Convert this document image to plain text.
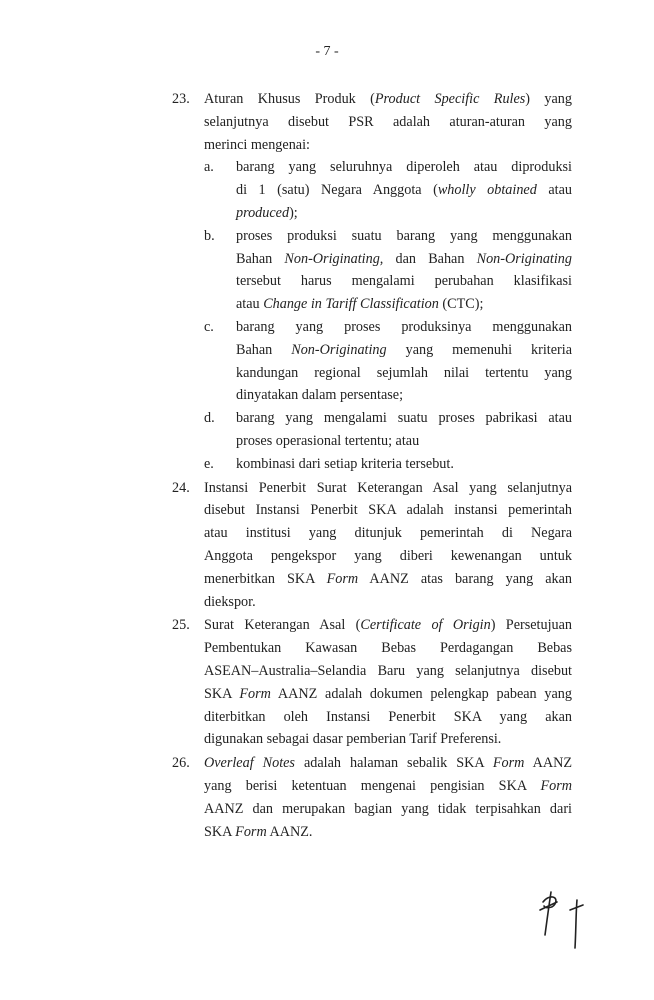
- 7 -
23. Aturan Khusus Produk (Product Specific Rules) yang
selanjutnya disebut PSR adalah aturan-aturan yang
merinci mengenai:
a. barang yang seluruhnya diperoleh atau diproduksi
di 1 (satu) Negara Anggota (wholly obtained atau
produced);
b. proses produksi suatu barang yang menggunakan
Bahan Non-Originating, dan Bahan Non-Originating
tersebut harus mengalami perubahan klasifikasi
atau Change in Tariff Classification (CTC);
c. barang yang proses produksinya menggunakan
Bahan Non-Originating yang memenuhi kriteria
kandungan regional sejumlah nilai tertentu yang
dinyatakan dalam persentase;
d. barang yang mengalami suatu proses pabrikasi atau
proses operasional tertentu; atau
e. kombinasi dari setiap kriteria tersebut.
24. Instansi Penerbit Surat Keterangan Asal yang selanjutnya
disebut Instansi Penerbit SKA adalah instansi pemerintah
atau institusi yang ditunjuk pemerintah di Negara
Anggota pengekspor yang diberi kewenangan untuk
menerbitkan SKA Form AANZ atas barang yang akan
diekspor.
25. Surat Keterangan Asal (Certificate of Origin) Persetujuan
Pembentukan Kawasan Bebas Perdagangan Bebas
ASEAN–Australia–Selandia Baru yang selanjutnya disebut
SKA Form AANZ adalah dokumen pelengkap pabean yang
diterbitkan oleh Instansi Penerbit SKA yang akan
digunakan sebagai dasar pemberian Tarif Preferensi.
26. Overleaf Notes adalah halaman sebalik SKA Form AANZ
yang berisi ketentuan mengenai pengisian SKA Form
AANZ dan merupakan bagian yang tidak terpisahkan dari
SKA Form AANZ.
